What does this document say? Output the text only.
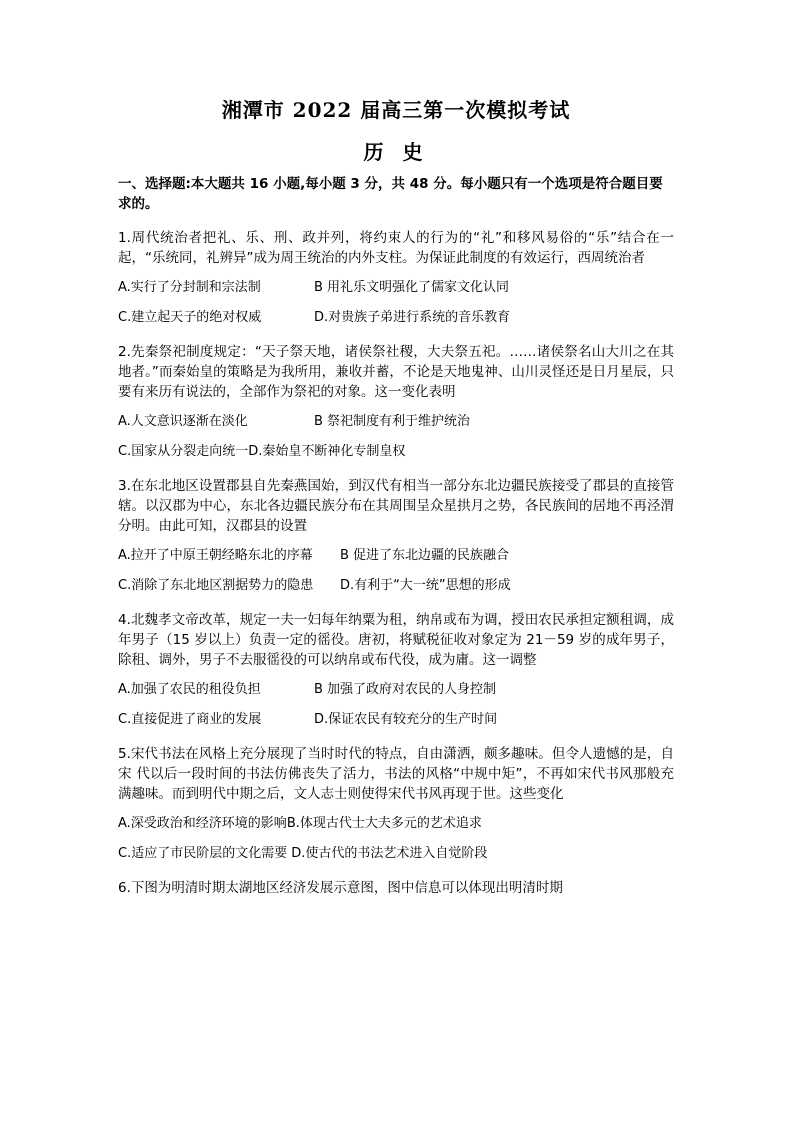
湘潭市 2022 届高三第一次模拟考试
历 史

一、选择题:本大题共 16 小题,每小题 3 分，共 48 分。每小题只有一个选项是符合题目要求的。

1.周代统治者把礼、乐、刑、政并列，将约束人的行为的“礼”和移风易俗的“乐”结合在一起，“乐统同，礼辨异”成为周王统治的内外支柱。为保证此制度的有效运行，西周统治者

A.实行了分封制和宗法制	B 用礼乐文明强化了儒家文化认同
C.建立起天子的绝对权威	D.对贵族子弟进行系统的音乐教育

2.先秦祭祀制度规定：“天子祭天地，诸侯祭社稷，大夫祭五祀。……诸侯祭名山大川之在其地者。”而秦始皇的策略是为我所用，兼收并蓄，不论是天地鬼神、山川灵怪还是日月星辰，只要有来历有说法的，全部作为祭祀的对象。这一变化表明

A.人文意识逐渐在淡化	B 祭祀制度有利于维护统治
C.国家从分裂走向统一 D.秦始皇不断神化专制皇权

3.在东北地区设置郡县自先秦燕国始，到汉代有相当一部分东北边疆民族接受了郡县的直接管辖。以汉郡为中心，东北各边疆民族分布在其周围呈众星拱月之势，各民族间的居地不再泾渭分明。由此可知，汉郡县的设置

A.拉开了中原王朝经略东北的序幕	B 促进了东北边疆的民族融合
C.消除了东北地区割据势力的隐患	D.有利于“大一统”思想的形成

4.北魏孝文帝改革，规定一夫一妇每年纳粟为租，纳帛或布为调，授田农民承担定额租调，成年男子（15 岁以上）负责一定的徭役。唐初，将赋税征收对象定为 21－59 岁的成年男子，除租、调外，男子不去服徭役的可以纳帛或布代役，成为庸。这一调整

A.加强了农民的租役负担	B 加强了政府对农民的人身控制
C.直接促进了商业的发展	D.保证农民有较充分的生产时间

5.宋代书法在风格上充分展现了当时时代的特点，自由潇洒，颇多趣味。但令人遗憾的是，自宋 代以后一段时间的书法仿佛丧失了活力，书法的风格“中规中矩”，不再如宋代书风那般充满趣味。而到明代中期之后，文人志士则使得宋代书风再现于世。这些变化

A.深受政治和经济环境的影响 B.体现古代士大夫多元的艺术追求
C.适应了市民阶层的文化需要 D.使古代的书法艺术进入自觉阶段

6.下图为明清时期太湖地区经济发展示意图，图中信息可以体现出明清时期
